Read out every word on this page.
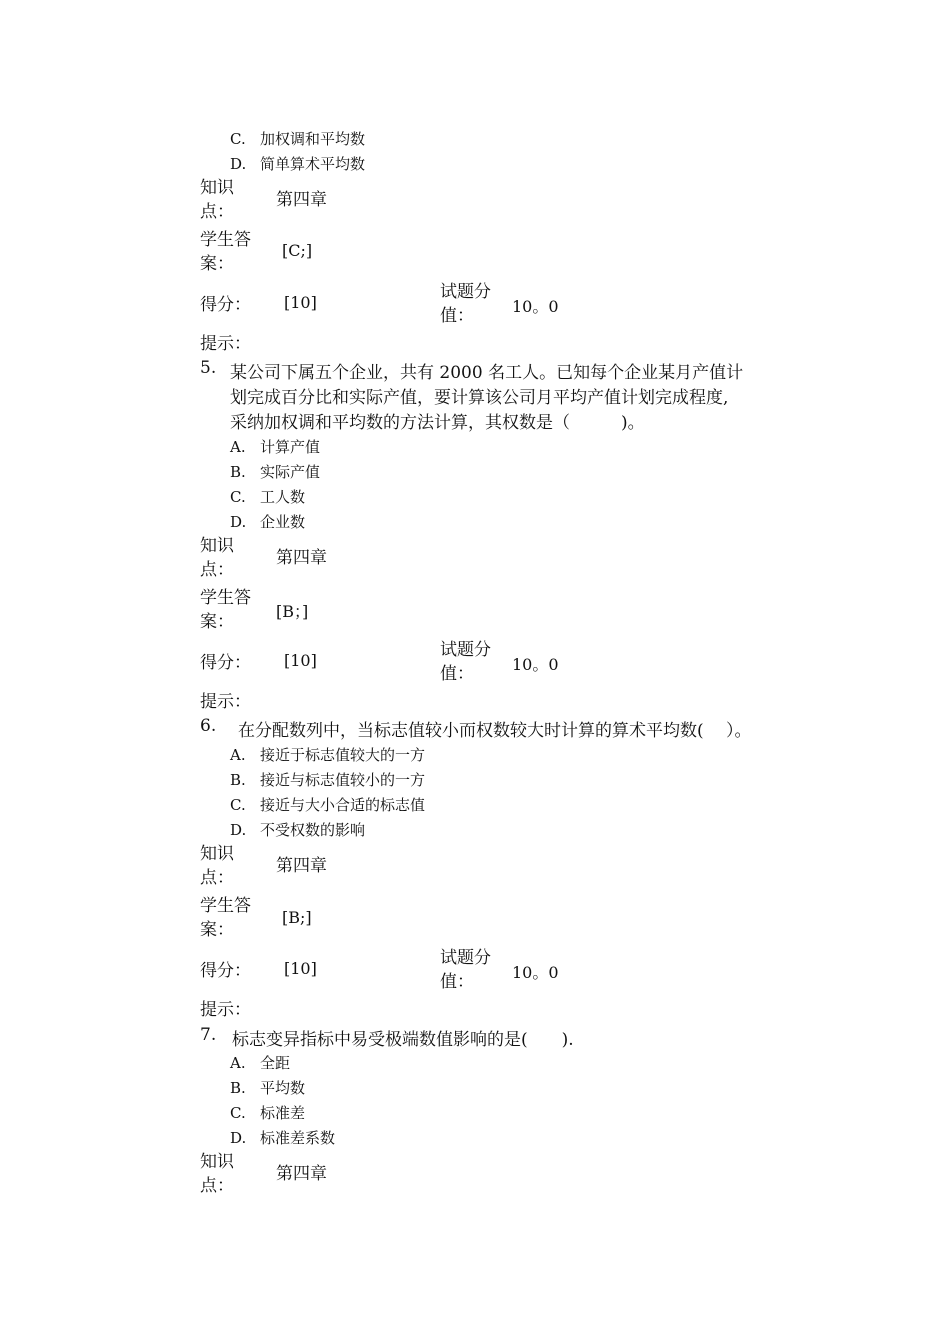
C. 加权调和平均数
D. 简单算术平均数
知识
点：
第四章
学生答
案：
[C;]
得分： [10]
试题分
值：	10。0
提示：
5. 某公司下属五个企业，共有 2000 名工人。已知每个企业某月产值计
划完成百分比和实际产值，要计算该公司月平均产值计划完成程度,
采纳加权调和平均数的方法计算，其权数是（　　　)。
A. 计算产值
B. 实际产值
C. 工人数
D. 企业数
知识
点：
第四章
学生答
案：
[B；]
得分： [10]
试题分
值：	10。0
提示：
6. 在分配数列中，当标志值较小而权数较大时计算的算术平均数(　 ）。
A. 接近于标志值较大的一方
B. 接近与标志值较小的一方
C. 接近与大小合适的标志值
D. 不受权数的影响
知识
点：
第四章
学生答
案：
[B;]
得分： [10]
试题分
值：	10。0
提示：
7. 标志变异指标中易受极端数值影响的是(　　).
A. 全距
B. 平均数
C. 标准差
D. 标准差系数
知识
点：
第四章
